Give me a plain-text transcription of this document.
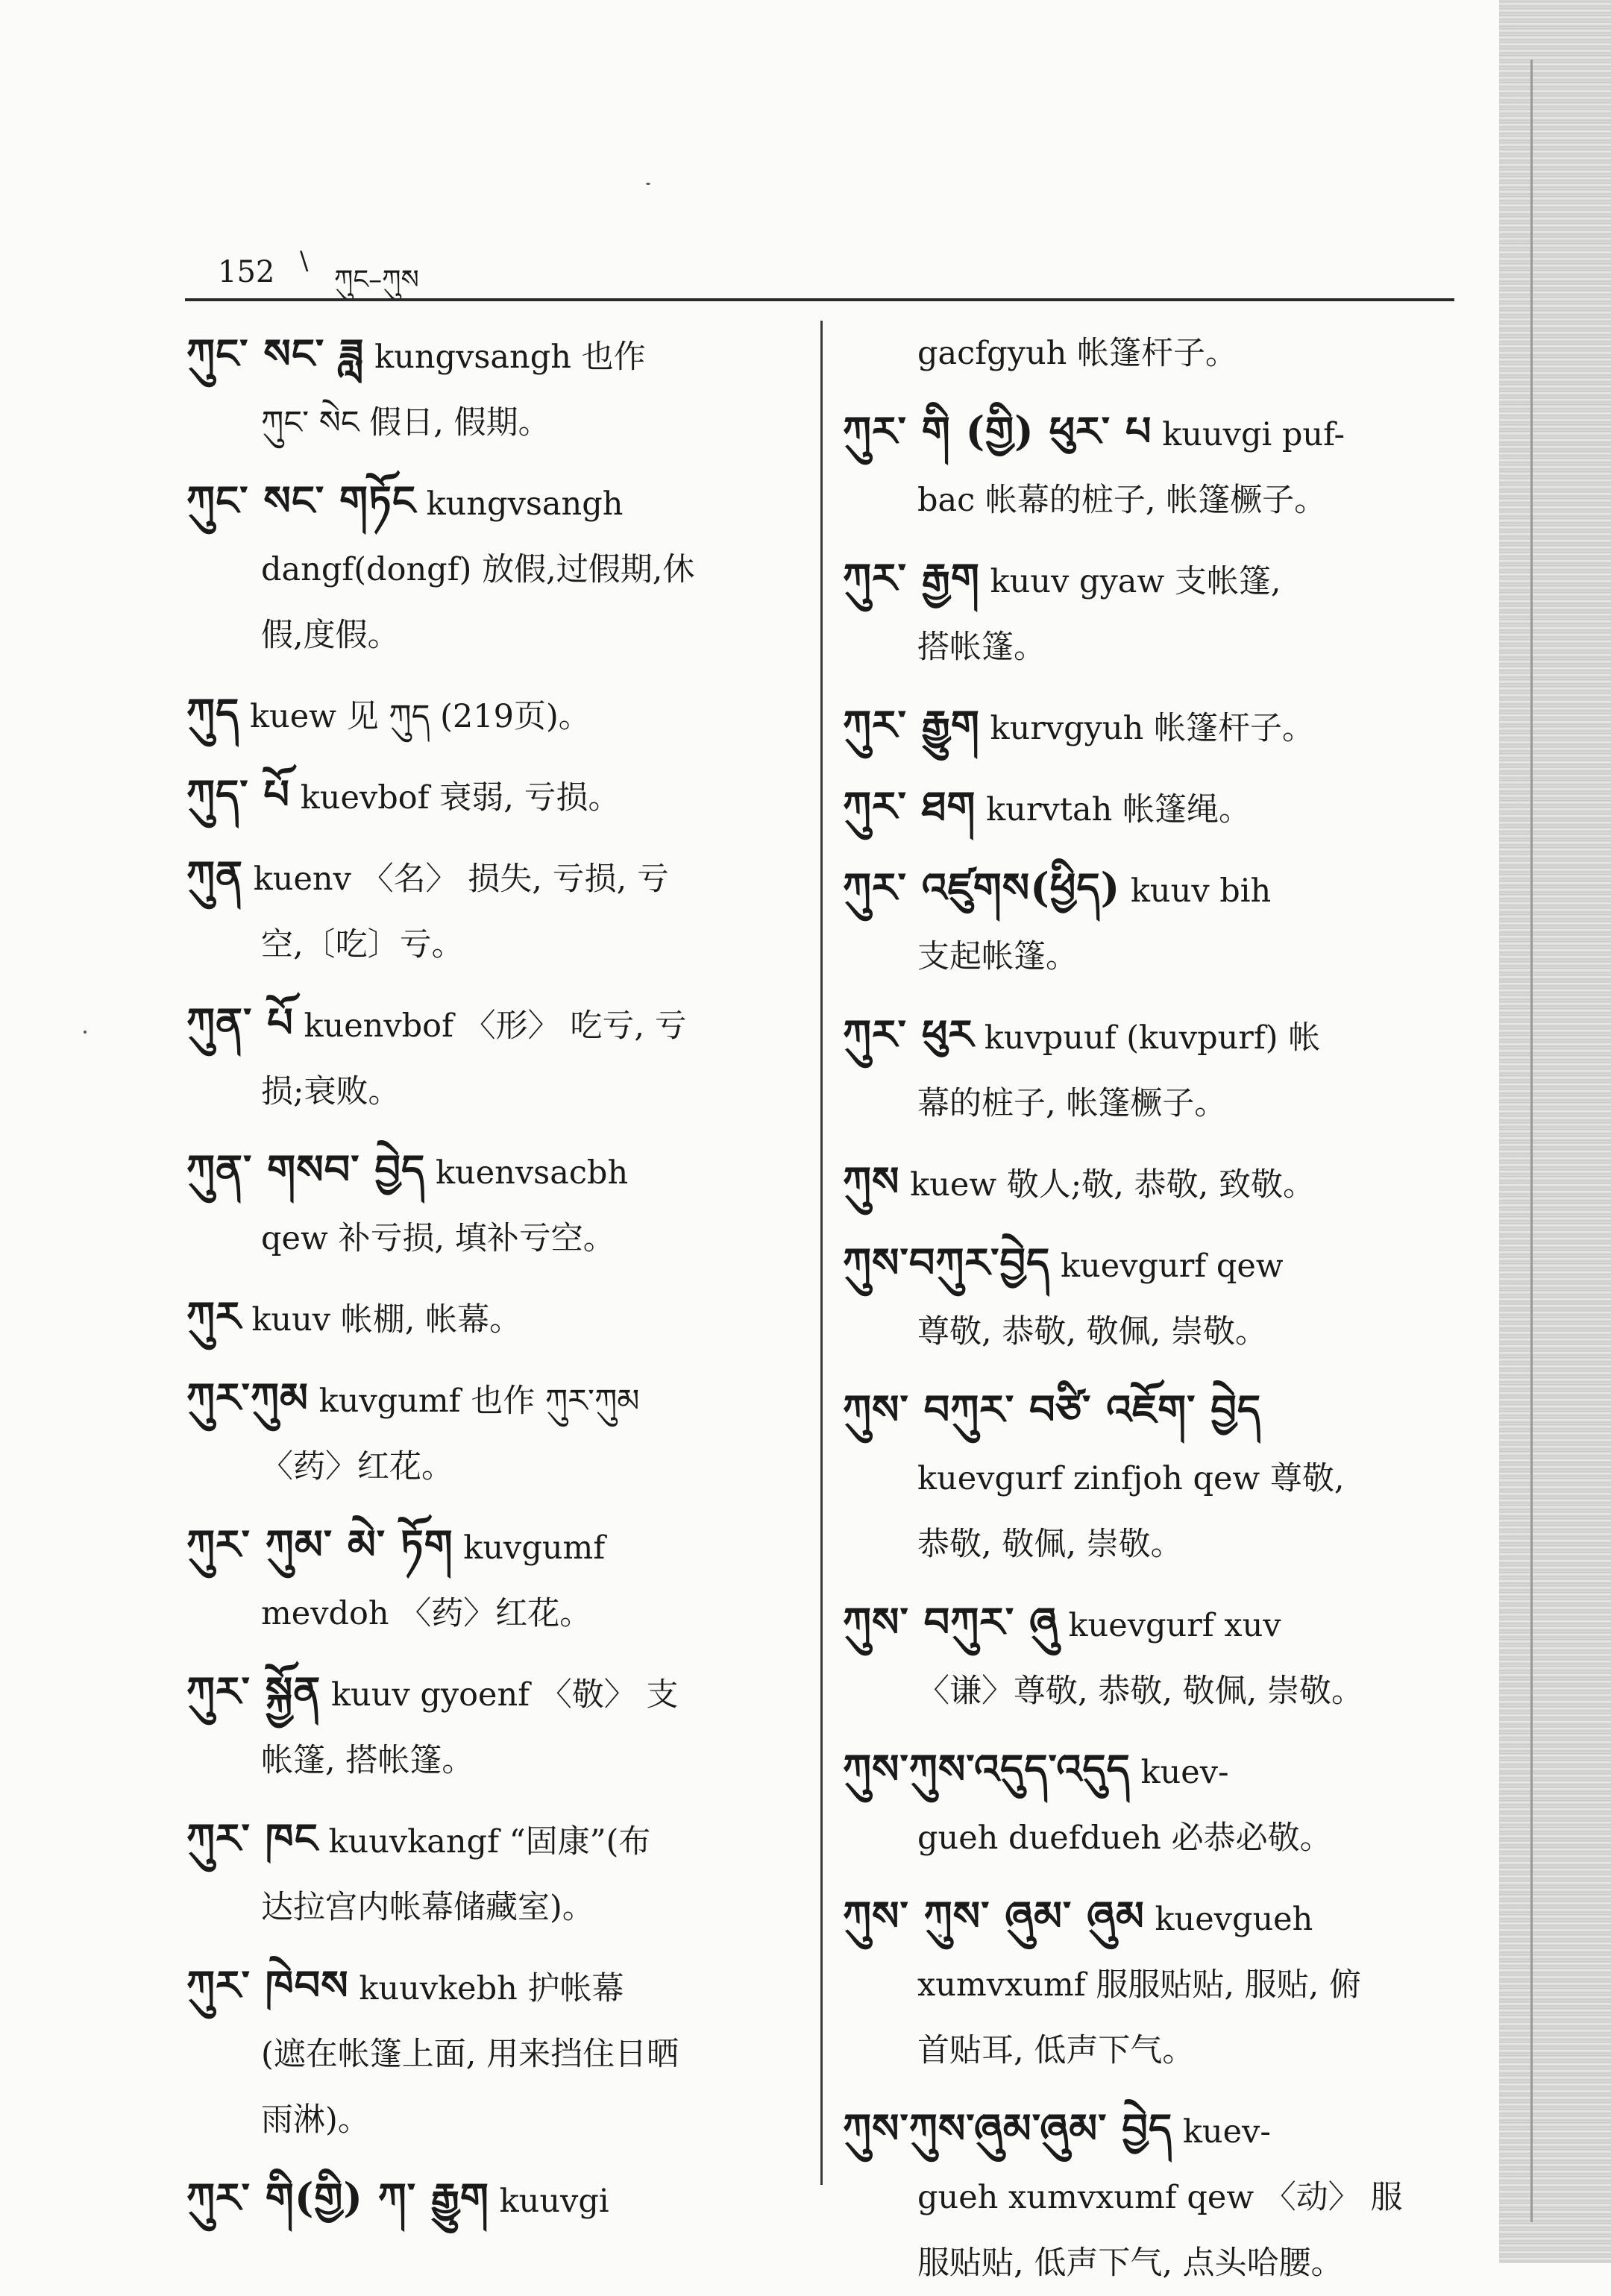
152 \
ཀུང–ཀུས

ཀུང་ སང་ ཟླ kungvsangh 也作

ཀུང་ སེང 假日, 假期。

ཀུང་ སང་ གཏོང kungvsangh

dangf(dongf) 放假,过假期,休

假,度假。

ཀུད kuew 见 ཀུད (219页)。

ཀུད་ པོ kuevbof 衰弱, 亏损。

ཀུན kuenv 〈名〉 损失, 亏损, 亏

空,〔吃〕亏。

ཀུན་ པོ kuenvbof 〈形〉 吃亏, 亏

损;衰败。

ཀུན་ གསབ་ བྱེད kuenvsacbh

qew 补亏损, 填补亏空。

ཀུར kuuv 帐棚, 帐幕。

ཀུར་ཀུམ kuvgumf 也作 ཀུར་ཀུམ

〈药〉红花。

ཀུར་ ཀུམ་ མེ་ ཏོག kuvgumf

mevdoh 〈药〉红花。

ཀུར་ སྐྱོན kuuv gyoenf 〈敬〉 支

帐篷, 搭帐篷。

ཀུར་ ཁང kuuvkangf “固康”(布

达拉宫内帐幕储藏室)。

ཀུར་ ཁེབས kuuvkebh 护帐幕

(遮在帐篷上面, 用来挡住日晒

雨淋)。

ཀུར་ གི(གྱི) ཀ་ རྒྱུག kuuvgi

gacfgyuh 帐篷杆子。

ཀུར་ གི (གྱི) ཕུར་ པ kuuvgi puf-

bac 帐幕的桩子, 帐篷橛子。

ཀུར་ རྒྱག kuuv gyaw 支帐篷,

搭帐篷。

ཀུར་ རྒྱུག kurvgyuh 帐篷杆子。

ཀུར་ ཐག kurvtah 帐篷绳。

ཀུར་ འཛུགས(ཕྱིད) kuuv bih

支起帐篷。

ཀུར་ ཕུར kuvpuuf (kuvpurf) 帐

幕的桩子, 帐篷橛子。

ཀུས kuew 敬人;敬, 恭敬, 致敬。

ཀུས་བཀུར་བྱེད kuevgurf qew

尊敬, 恭敬, 敬佩, 崇敬。

ཀུས་ བཀུར་ བཙི་ འཇོག་ བྱེད

kuevgurf zinfjoh qew 尊敬,

恭敬, 敬佩, 崇敬。

ཀུས་ བཀུར་ ཞུ kuevgurf xuv

〈谦〉尊敬, 恭敬, 敬佩, 崇敬。

ཀུས་ཀུས་འདུད་འདུད kuev-

gueh duefdueh 必恭必敬。

ཀུས་ ཀུས་ ཞུམ་ ཞུམ kuevgueh

xumvxumf 服服贴贴, 服贴, 俯

首贴耳, 低声下气。

ཀུས་ཀུས་ཞུམ་ཞུམ་ བྱེད kuev-

gueh xumvxumf qew 〈动〉 服

服贴贴, 低声下气, 点头哈腰。
